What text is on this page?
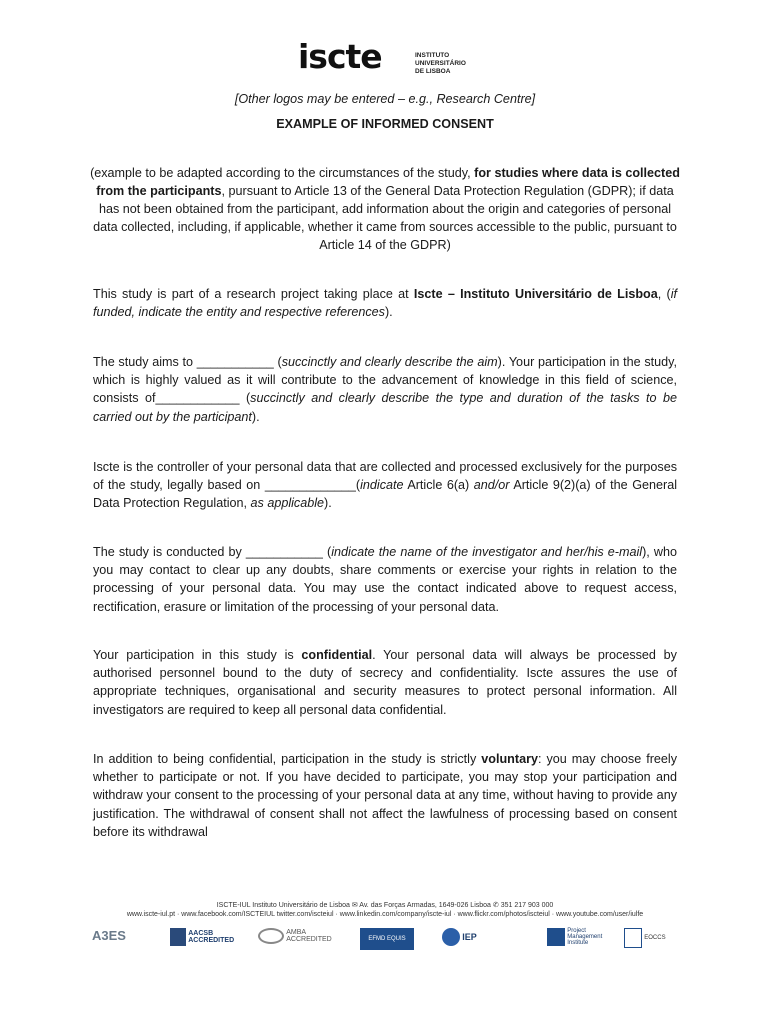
iscte	INSTITUTO
UNIVERSITÁRIO
DE LISBOA
[Other logos may be entered – e.g., Research Centre]
EXAMPLE OF INFORMED CONSENT
(example to be adapted according to the circumstances of the study, for studies where data is collected from the participants, pursuant to Article 13 of the General Data Protection Regulation (GDPR); if data has not been obtained from the participant, add information about the origin and categories of personal data collected, including, if applicable, whether it came from sources accessible to the public, pursuant to Article 14 of the GDPR)
This study is part of a research project taking place at Iscte – Instituto Universitário de Lisboa, (if funded, indicate the entity and respective references).
The study aims to ___________ (succinctly and clearly describe the aim). Your participation in the study, which is highly valued as it will contribute to the advancement of knowledge in this field of science, consists of____________ (succinctly and clearly describe the type and duration of the tasks to be carried out by the participant).
Iscte is the controller of your personal data that are collected and processed exclusively for the purposes of the study, legally based on _____________(indicate Article 6(a) and/or Article 9(2)(a) of the General Data Protection Regulation, as applicable).
The study is conducted by ___________ (indicate the name of the investigator and her/his e-mail), who you may contact to clear up any doubts, share comments or exercise your rights in relation to the processing of your personal data. You may use the contact indicated above to request access, rectification, erasure or limitation of the processing of your personal data.
Your participation in this study is confidential. Your personal data will always be processed by authorised personnel bound to the duty of secrecy and confidentiality. Iscte assures the use of appropriate techniques, organisational and security measures to protect personal information. All investigators are required to keep all personal data confidential.
In addition to being confidential, participation in the study is strictly voluntary: you may choose freely whether to participate or not. If you have decided to participate, you may stop your participation and withdraw your consent to the processing of your personal data at any time, without having to provide any justification. The withdrawal of consent shall not affect the lawfulness of processing based on consent before its withdrawal
ISCTE-IUL Instituto Universitário de Lisboa ✉ Av. das Forças Armadas, 1649-026 Lisboa ✆ 351 217 903 000
www.iscte-iul.pt · www.facebook.com/ISCTEIUL twitter.com/iscteiul · www.linkedin.com/company/iscte-iul · www.flickr.com/photos/iscteiul · www.youtube.com/user/iulfe
A3ES	AACSB ACCREDITED
AMBA ACCREDITED	EFMD EQUIS	IEP
Project Management Institute
EOCCS
